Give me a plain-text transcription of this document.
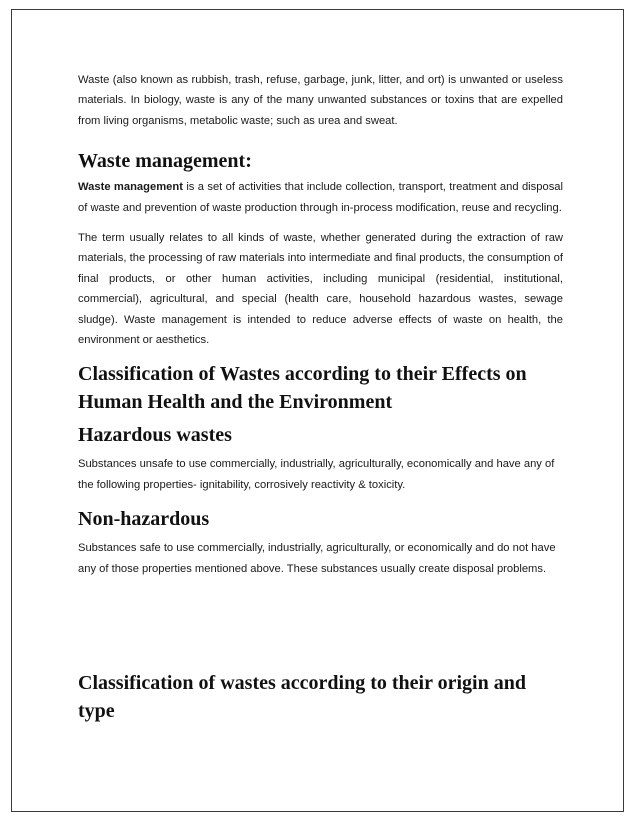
Waste (also known as rubbish, trash, refuse, garbage, junk, litter, and ort) is unwanted or useless materials. In biology, waste is any of the many unwanted substances or toxins that are expelled from living organisms, metabolic waste; such as urea and sweat.

Waste management:

Waste management is a set of activities that include collection, transport, treatment and disposal of waste and prevention of waste production through in-process modification, reuse and recycling.

The term usually relates to all kinds of waste, whether generated during the extraction of raw materials, the processing of raw materials into intermediate and final products, the consumption of final products, or other human activities, including municipal (residential, institutional, commercial), agricultural, and special (health care, household hazardous wastes, sewage sludge). Waste management is intended to reduce adverse effects of waste on health, the environment or aesthetics.

Classification of Wastes according to their Effects on Human Health and the Environment
Hazardous wastes

Substances unsafe to use commercially, industrially, agriculturally, economically and have any of the following properties- ignitability, corrosively reactivity & toxicity.

Non-hazardous

Substances safe to use commercially, industrially, agriculturally, or economically and do not have any of those properties mentioned above. These substances usually create disposal problems.

Classification of wastes according to their origin and type
